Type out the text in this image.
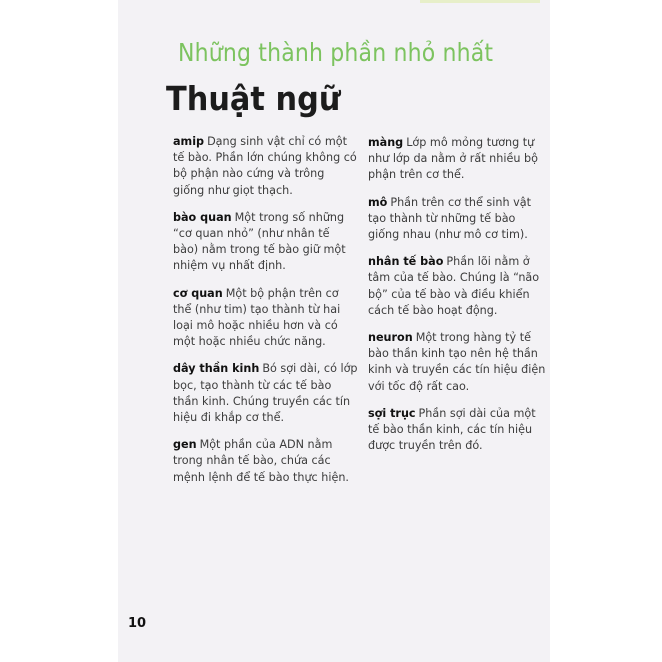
Những thành phần nhỏ nhất
Thuật ngữ

amip Dạng sinh vật chỉ có một tế bào. Phần lớn chúng không có bộ phận nào cứng và trông giống như giọt thạch.

bào quan Một trong số những “cơ quan nhỏ” (như nhân tế bào) nằm trong tế bào giữ một nhiệm vụ nhất định.

cơ quan Một bộ phận trên cơ thể (như tim) tạo thành từ hai loại mô hoặc nhiều hơn và có một hoặc nhiều chức năng.

dây thần kinh Bó sợi dài, có lớp bọc, tạo thành từ các tế bào thần kinh. Chúng truyền các tín hiệu đi khắp cơ thể.

gen Một phần của ADN nằm trong nhân tế bào, chứa các mệnh lệnh để tế bào thực hiện.

màng Lớp mô mỏng tương tự như lớp da nằm ở rất nhiều bộ phận trên cơ thể.

mô Phần trên cơ thể sinh vật tạo thành từ những tế bào giống nhau (như mô cơ tim).

nhân tế bào Phần lõi nằm ở tâm của tế bào. Chúng là “não bộ” của tế bào và điều khiển cách tế bào hoạt động.

neuron Một trong hàng tỷ tế bào thần kinh tạo nên hệ thần kinh và truyền các tín hiệu điện với tốc độ rất cao.

sợi trục Phần sợi dài của một tế bào thần kinh, các tín hiệu được truyền trên đó.

10
